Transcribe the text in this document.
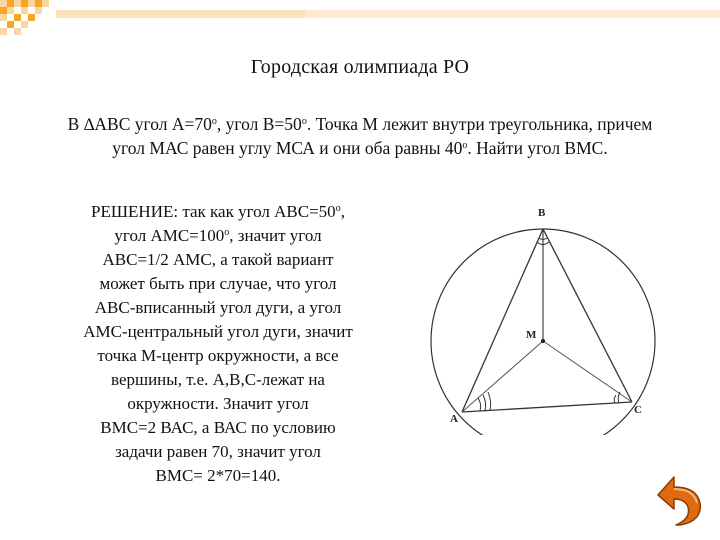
Городская олимпиада РО
В ∆АВС угол $А=70^о$, угол $В=50^о$. Точка М лежит внутри треугольника, причем
угол МАС равен углу МСА и они оба равны $40^о$. Найти угол ВМС.
РЕШЕНИЕ: так как угол $АВС=50^о$,
угол $АМС=100^о$, значит угол
АВС=1/2 АМС, а такой вариант
может быть при случае, что угол
АВС-вписанный угол дуги, а угол
АМС-центральный угол дуги, значит
точка М-центр окружности, а все
вершины, т.е. А,В,С-лежат на
окружности. Значит угол
ВМС=2 ВАС, а ВАС по условию
задачи равен 70, значит угол
ВМС= 2*70=140.
B
A
C
M
